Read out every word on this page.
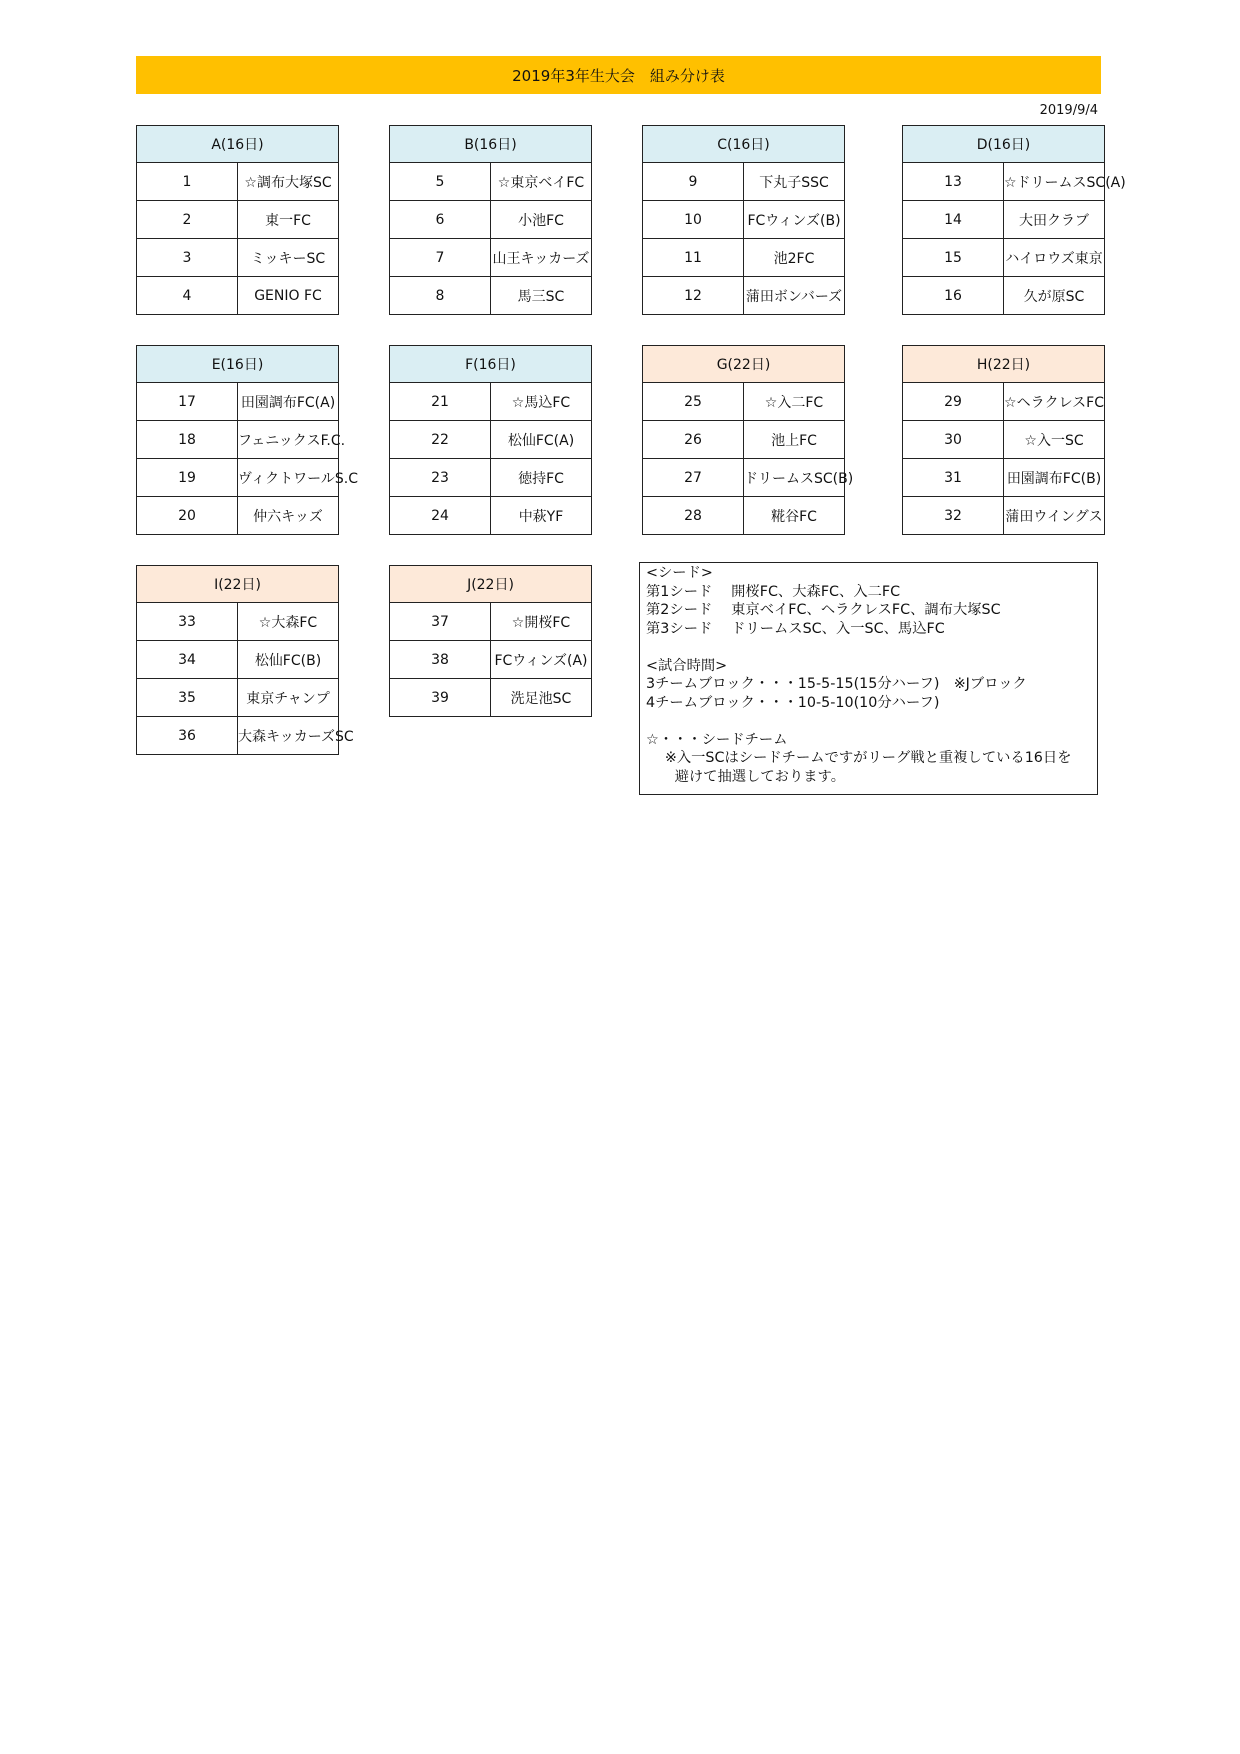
2019年3年生大会　組み分け表
2019/9/4
A(16日)	
1	☆調布大塚SC
2	東一FC
3	ミッキーSC
4	GENIO FC
B(16日)	
5	☆東京ベイFC
6	小池FC
7	山王キッカーズ
8	馬三SC
C(16日)	
9	下丸子SSC
10	FCウィンズ(B)
11	池2FC
12	蒲田ボンバーズ
D(16日)	
13	☆ドリームスSC(A)
14	大田クラブ
15	ハイロウズ東京
16	久が原SC
E(16日)	
17	田園調布FC(A)
18	フェニックスF.C.
19	ヴィクトワールS.C
20	仲六キッズ
F(16日)	
21	☆馬込FC
22	松仙FC(A)
23	徳持FC
24	中萩YF
G(22日)	
25	☆入二FC
26	池上FC
27	ドリームスSC(B)
28	糀谷FC
H(22日)	
29	☆ヘラクレスFC
30	☆入一SC
31	田園調布FC(B)
32	蒲田ウイングス
I(22日)	
33	☆大森FC
34	松仙FC(B)
35	東京チャンプ
36	大森キッカーズSC
J(22日)	
37	☆開桜FC
38	FCウィンズ(A)
39	洗足池SC
<シード>
第1シード　 開桜FC、大森FC、入二FC
第2シード　 東京ベイFC、ヘラクレスFC、調布大塚SC
第3シード　 ドリームスSC、入一SC、馬込FC

<試合時間>
3チームブロック・・・15-5-15(15分ハーフ)　※Jブロック
4チームブロック・・・10-5-10(10分ハーフ)

☆・・・シードチーム
　 ※入一SCはシードチームですがリーグ戦と重複している16日を
　　避けて抽選しております。
